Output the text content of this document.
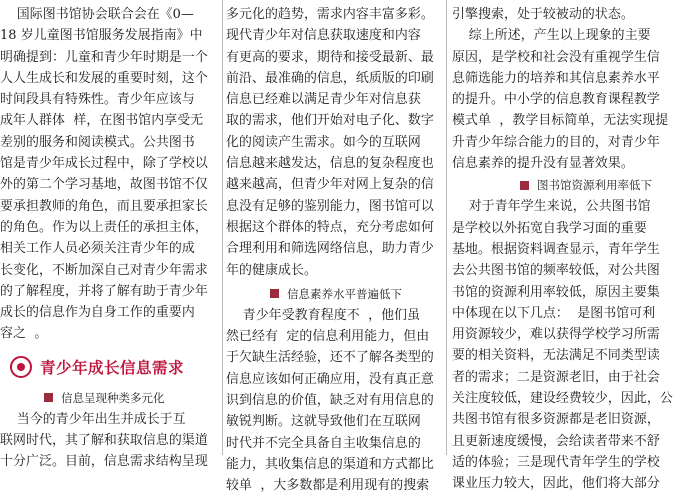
国际图书馆协会联合会在《0—
18 岁儿童图书馆服务发展指南》中
明确提到：儿童和青少年时期是一个
人人生成长和发展的重要时刻，这个
时间段具有特殊性。青少年应该与
成年人群体  样，在图书馆内享受无
差别的服务和阅读模式。公共图书
馆是青少年成长过程中，除了学校以
外的第二个学习基地，故图书馆不仅
要承担教师的角色，而且要承担家长
的角色。作为以上责任的承担主体，
相关工作人员必须关注青少年的成
长变化，不断加深自己对青少年需求
的了解程度，并将了解有助于青少年
成长的信息作为自身工作的重要内
容之  。
青少年成长信息需求
信息呈现种类多元化
当今的青少年出生并成长于互
联网时代，其了解和获取信息的渠道
十分广泛。目前，信息需求结构呈现
多元化的趋势，需求内容丰富多彩。
现代青少年对信息获取速度和内容
有更高的要求，期待和接受最新、最
前沿、最准确的信息，纸质版的印刷
信息已经难以满足青少年对信息获
取的需求，他们开始对电子化、数字
化的阅读产生需求。如今的互联网
信息越来越发达，信息的复杂程度也
越来越高，但青少年对网上复杂的信
息没有足够的鉴别能力，图书馆可以
根据这个群体的特点，充分考虑如何
合理利用和筛选网络信息，助力青少
年的健康成长。
信息素养水平普遍低下
青少年受教育程度不  ，他们虽
然已经有  定的信息利用能力，但由
于欠缺生活经验，还不了解各类型的
信息应该如何正确应用，没有真正意
识到信息的价值，缺乏对有用信息的
敏锐判断。这就导致他们在互联网
时代并不完全具备自主收集信息的
能力，其收集信息的渠道和方式都比
较单  ，大多数都是利用现有的搜索
引擎搜索，处于较被动的状态。
综上所述，产生以上现象的主要
原因，是学校和社会没有重视学生信
息筛选能力的培养和其信息素养水平
的提升。中小学的信息教育课程教学
模式单  ，教学目标简单，无法实现提
升青少年综合能力的目的，对青少年
信息素养的提升没有显著效果。
图书馆资源利用率低下
对于青年学生来说，公共图书馆
是学校以外拓宽自我学习面的重要
基地。根据资料调查显示，青年学生
去公共图书馆的频率较低，对公共图
书馆的资源利用率较低，原因主要集
中体现在以下几点：  是图书馆可利
用资源较少，难以获得学校学习所需
要的相关资料，无法满足不同类型读
者的需求；二是资源老旧，由于社会
关注度较低，建设经费较少，因此，公
共图书馆有很多资源都是老旧资源，
且更新速度缓慢，会给读者带来不舒
适的体验；三是现代青年学生的学校
课业压力较大，因此，他们将大部分
